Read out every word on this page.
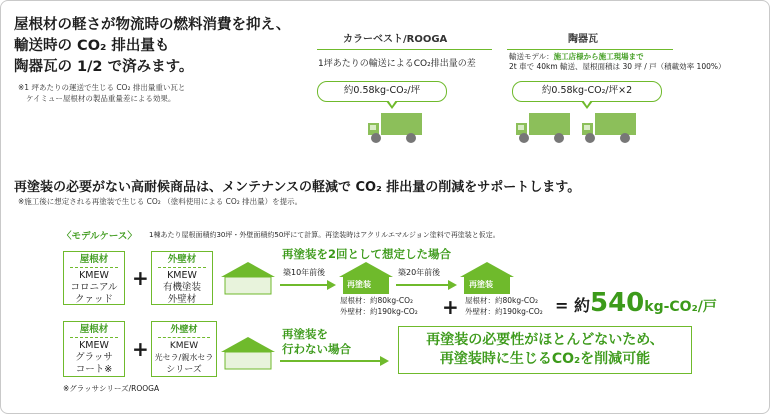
屋根材の軽さが物流時の燃料消費を抑え、
輸送時の CO₂ 排出量も
陶器瓦の 1/2 で済みます。
※1 坪あたりの運送で生じる CO₂ 排出量重い瓦と
ケイミュー屋根材の製品重量差による効果。
カラーベスト/ROOGA
1坪あたりの輸送によるCO₂排出量の差
約0.58kg-CO₂/坪
陶器瓦
輸送モデル：施工店様から施工現場まで
2t 車で 40km 輸送、屋根面積は 30 坪 / 戸（積載効率 100%）
約0.58kg-CO₂/坪×2
再塗装の必要がない高耐候商品は、メンテナンスの軽減で CO₂ 排出量の削減をサポートします。
※施工後に想定される再塗装で生じる CO₂ （塗料使用による CO₂ 排出量）を提示。
〈モデルケース〉 1棟あたり屋根面積約30坪・外壁面積約50坪にて計算。再塗装時はアクリルエマルジョン塗料で再塗装と仮定。
屋根材
KMEW
コロニアル
クァッド
+
外壁材
KMEW
有機塗装
外壁材
再塗装を2回として想定した場合
築10年前後
再塗装
築20年前後
再塗装
屋根材：約80kg-CO₂
外壁材：約190kg-CO₂ + 屋根材：約80kg-CO₂
外壁材：約190kg-CO₂ = 約540kg-CO₂/戸
屋根材
KMEW
グラッサ
コート※
+
外壁材
KMEW
光セラ/親水セラ
シリーズ
再塗装を
行わない場合
再塗装の必要性がほとんどないため、
再塗装時に生じるCO₂を削減可能
※グラッサシリーズ/ROOGA
